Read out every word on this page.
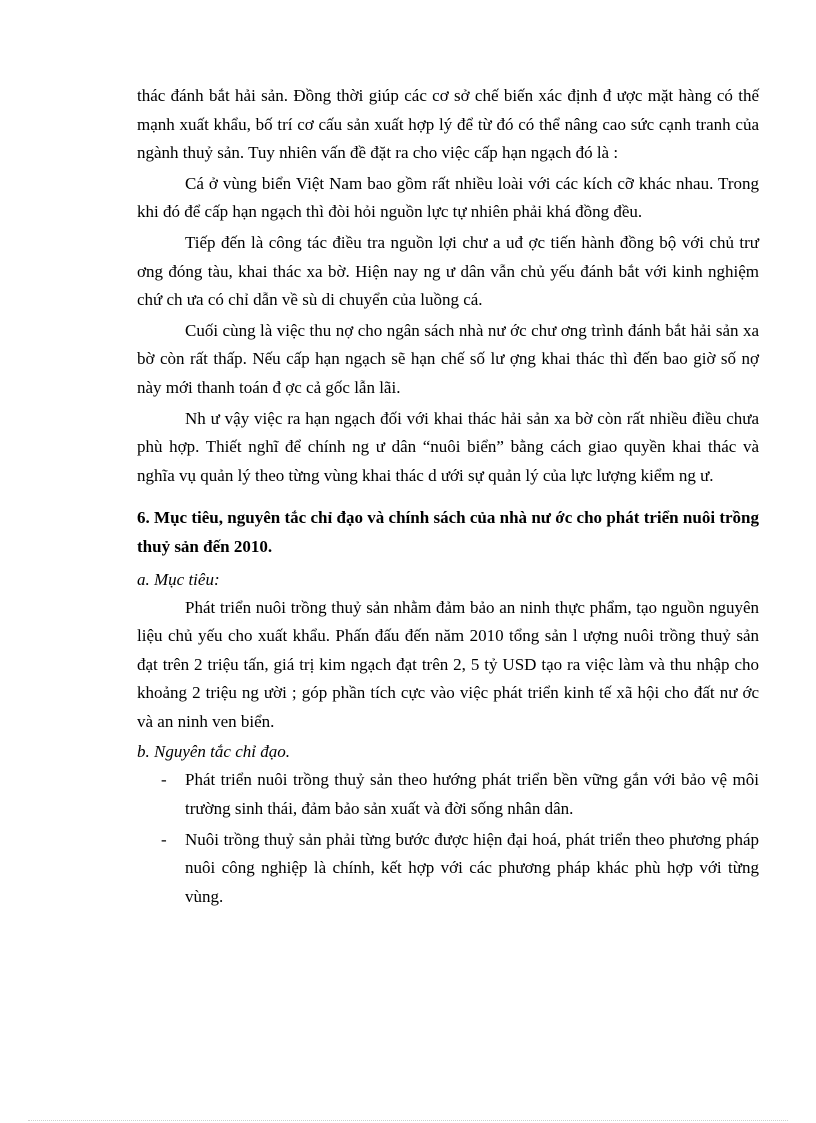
thác đánh bắt hải sản. Đồng thời giúp các cơ sở chế biến xác định đ ược mặt hàng có thế mạnh xuất khẩu, bố trí cơ cấu sản xuất hợp lý để từ đó có thể nâng cao sức cạnh tranh của ngành thuỷ sản. Tuy nhiên vấn đề đặt ra cho việc cấp hạn ngạch đó là :

Cá ở vùng biển Việt Nam bao gồm rất nhiều loài với các kích cỡ khác nhau. Trong khi đó để cấp hạn ngạch thì đòi hỏi nguồn lực tự nhiên phải khá đồng đều.

Tiếp đến là công tác điều tra nguồn lợi chư a uđ ợc tiến hành đồng bộ với chủ trư ơng đóng tàu, khai thác xa bờ. Hiện nay ng ư dân vẫn chủ yếu đánh bắt với kinh nghiệm chứ ch ưa có chỉ dẫn về sù di chuyển của luồng cá.

Cuối cùng là việc thu nợ cho ngân sách nhà nư ớc chư ơng trình đánh bắt hải sản xa bờ còn rất thấp. Nếu cấp hạn ngạch sẽ hạn chế số lư ợng khai thác thì đến bao giờ số nợ này mới thanh toán đ ợc cả gốc lẫn lãi.

Nh ư vậy việc ra hạn ngạch đối với khai thác hải sản xa bờ còn rất nhiều điều chưa phù hợp. Thiết nghĩ để chính ng ư dân “nuôi biển” bằng cách giao quyền khai thác và nghĩa vụ quản lý theo từng vùng khai thác d ưới sự quản lý của lực lượng kiểm ng ư.

6. Mục tiêu, nguyên tắc chỉ đạo và chính sách của nhà nư ớc cho phát triển nuôi trồng thuỷ sản đến 2010.

a. Mục tiêu:

Phát triển nuôi trồng thuỷ sản nhằm đảm bảo an ninh thực phẩm, tạo nguồn nguyên liệu chủ yếu cho xuất khẩu. Phấn đấu đến năm 2010 tổng sản l ượng nuôi trồng thuỷ sản đạt trên 2 triệu tấn, giá trị kim ngạch đạt trên 2, 5 tỷ USD tạo ra việc làm và thu nhập cho khoảng 2 triệu ng ười ; góp phần tích cực vào việc phát triển kinh tế xã hội cho đất nư ớc và an ninh ven biển.

b. Nguyên tắc chỉ đạo.

- Phát triển nuôi trồng thuỷ sản theo hướng phát triển bền vững gắn với bảo vệ môi trường sinh thái, đảm bảo sản xuất và đời sống nhân dân.
- Nuôi trồng thuỷ sản phải từng bước được hiện đại hoá, phát triển theo phương pháp nuôi công nghiệp là chính, kết hợp với các phương pháp khác phù hợp với từng vùng.
